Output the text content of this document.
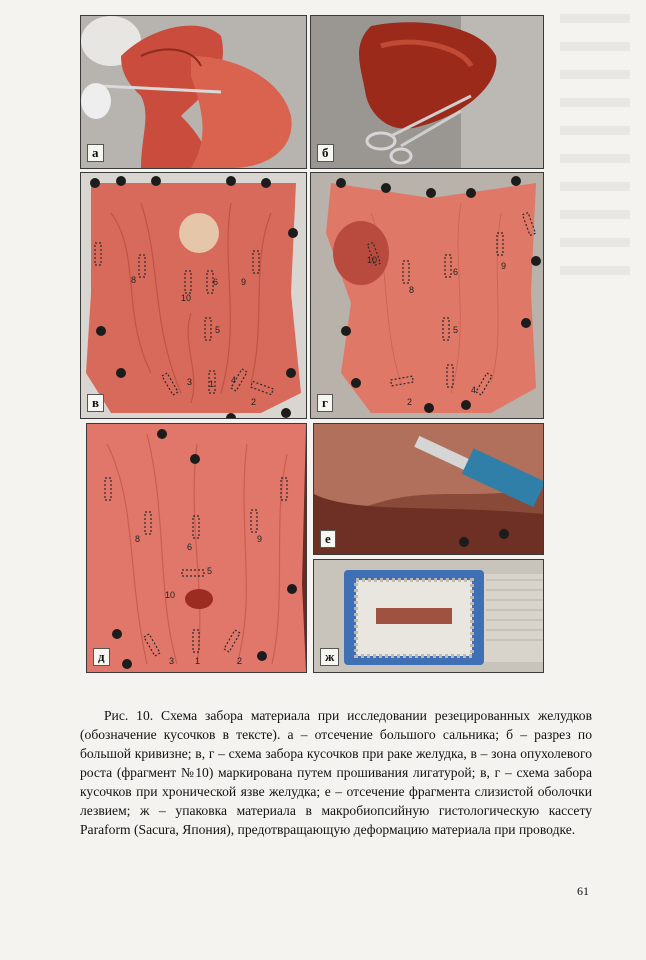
а	б
8
10
6	9
5
3 1 4
2
в
10
8
6
9
5
4
2
г
8
6
9
5
10
3 1	2
д
е
ж
Рис. 10. Схема забора материала при исследовании резецированных желудков (обозначение кусочков в тексте). а – отсечение большого сальника; б – разрез по большой кривизне; в, г – схема забора кусочков при раке желудка, в – зона опухолевого роста (фрагмент №10) маркирована путем прошивания лигатурой; в, г – схема забора кусочков при хронической язве желудка; е – отсечение фрагмента слизистой оболочки лезвием; ж – упаковка материала в макробиопсийную гистологическую кассету Paraform (Sacura, Япония), предотвращающую деформацию материала при проводке.
61
